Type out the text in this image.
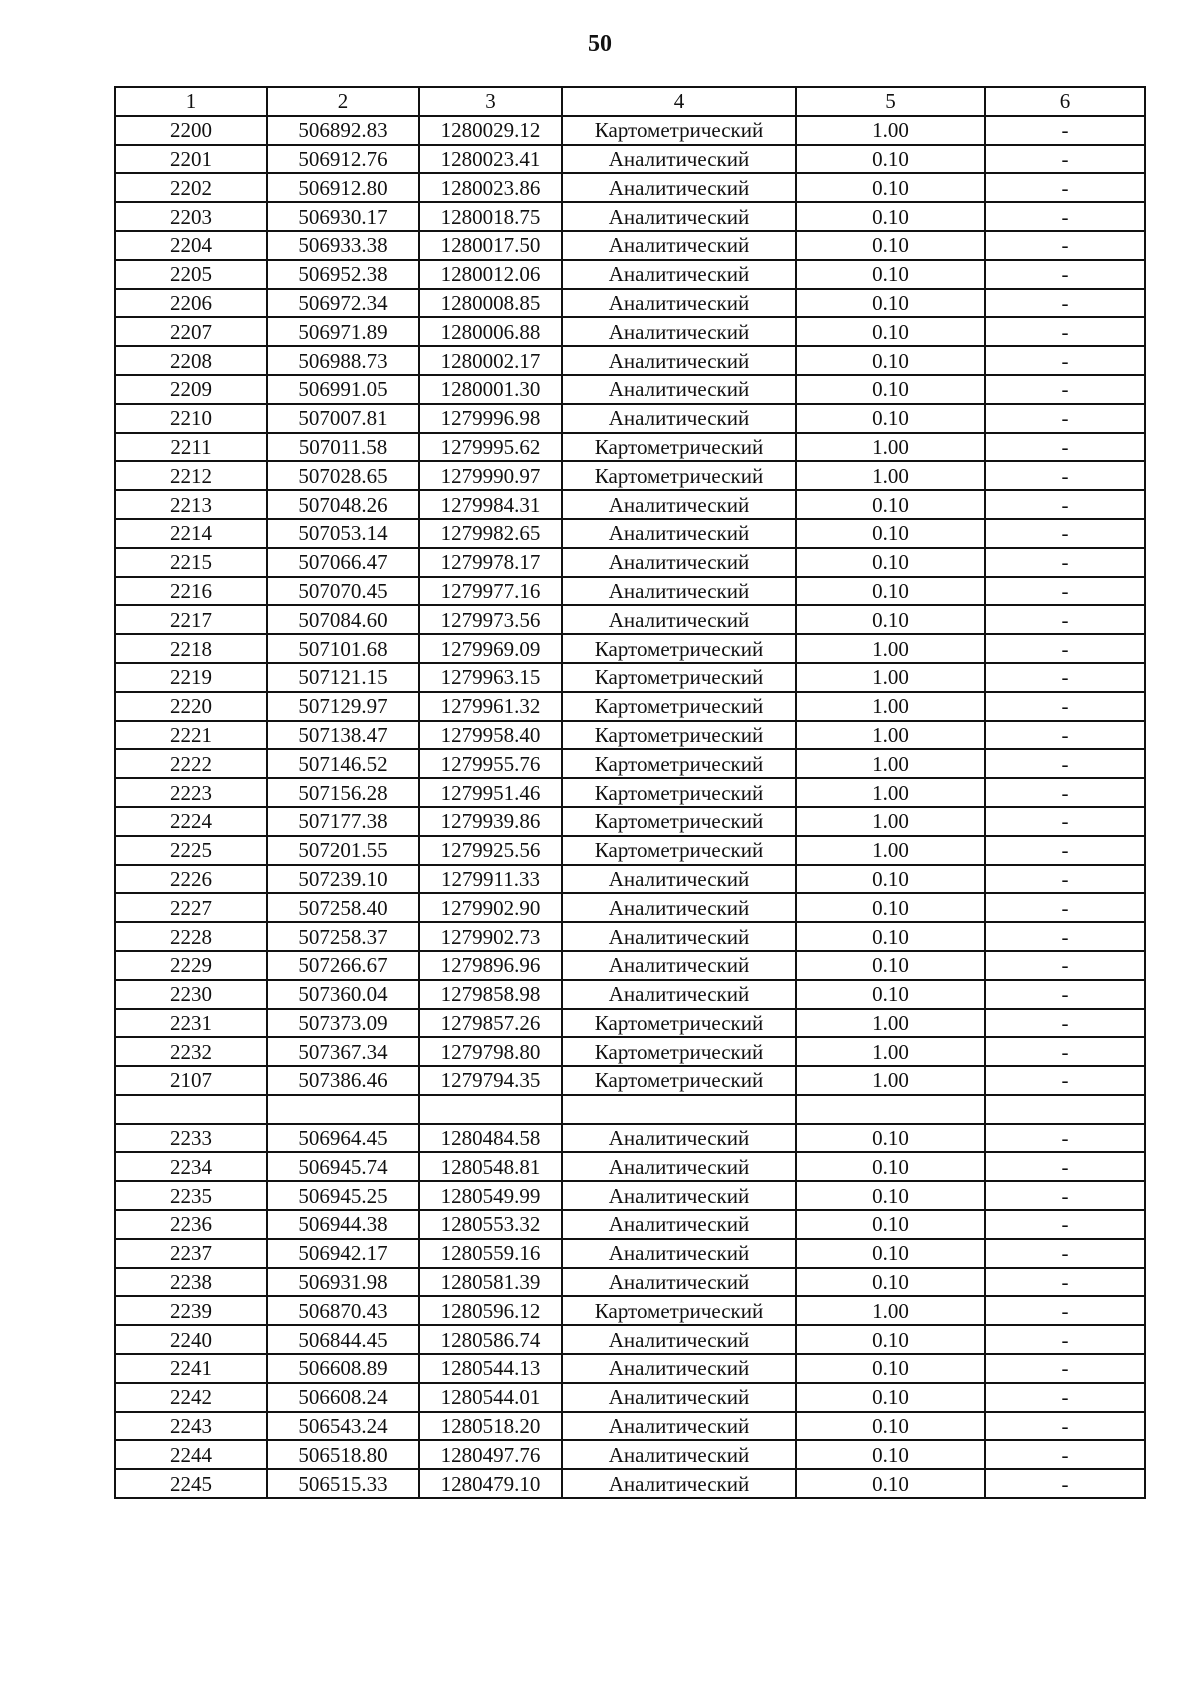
50
1	2	3	4	5	6
2200	506892.83	1280029.12	Картометрический	1.00	-
2201	506912.76	1280023.41	Аналитический	0.10	-
2202	506912.80	1280023.86	Аналитический	0.10	-
2203	506930.17	1280018.75	Аналитический	0.10	-
2204	506933.38	1280017.50	Аналитический	0.10	-
2205	506952.38	1280012.06	Аналитический	0.10	-
2206	506972.34	1280008.85	Аналитический	0.10	-
2207	506971.89	1280006.88	Аналитический	0.10	-
2208	506988.73	1280002.17	Аналитический	0.10	-
2209	506991.05	1280001.30	Аналитический	0.10	-
2210	507007.81	1279996.98	Аналитический	0.10	-
2211	507011.58	1279995.62	Картометрический	1.00	-
2212	507028.65	1279990.97	Картометрический	1.00	-
2213	507048.26	1279984.31	Аналитический	0.10	-
2214	507053.14	1279982.65	Аналитический	0.10	-
2215	507066.47	1279978.17	Аналитический	0.10	-
2216	507070.45	1279977.16	Аналитический	0.10	-
2217	507084.60	1279973.56	Аналитический	0.10	-
2218	507101.68	1279969.09	Картометрический	1.00	-
2219	507121.15	1279963.15	Картометрический	1.00	-
2220	507129.97	1279961.32	Картометрический	1.00	-
2221	507138.47	1279958.40	Картометрический	1.00	-
2222	507146.52	1279955.76	Картометрический	1.00	-
2223	507156.28	1279951.46	Картометрический	1.00	-
2224	507177.38	1279939.86	Картометрический	1.00	-
2225	507201.55	1279925.56	Картометрический	1.00	-
2226	507239.10	1279911.33	Аналитический	0.10	-
2227	507258.40	1279902.90	Аналитический	0.10	-
2228	507258.37	1279902.73	Аналитический	0.10	-
2229	507266.67	1279896.96	Аналитический	0.10	-
2230	507360.04	1279858.98	Аналитический	0.10	-
2231	507373.09	1279857.26	Картометрический	1.00	-
2232	507367.34	1279798.80	Картометрический	1.00	-
2107	507386.46	1279794.35	Картометрический	1.00	-

2233	506964.45	1280484.58	Аналитический	0.10	-
2234	506945.74	1280548.81	Аналитический	0.10	-
2235	506945.25	1280549.99	Аналитический	0.10	-
2236	506944.38	1280553.32	Аналитический	0.10	-
2237	506942.17	1280559.16	Аналитический	0.10	-
2238	506931.98	1280581.39	Аналитический	0.10	-
2239	506870.43	1280596.12	Картометрический	1.00	-
2240	506844.45	1280586.74	Аналитический	0.10	-
2241	506608.89	1280544.13	Аналитический	0.10	-
2242	506608.24	1280544.01	Аналитический	0.10	-
2243	506543.24	1280518.20	Аналитический	0.10	-
2244	506518.80	1280497.76	Аналитический	0.10	-
2245	506515.33	1280479.10	Аналитический	0.10	-
